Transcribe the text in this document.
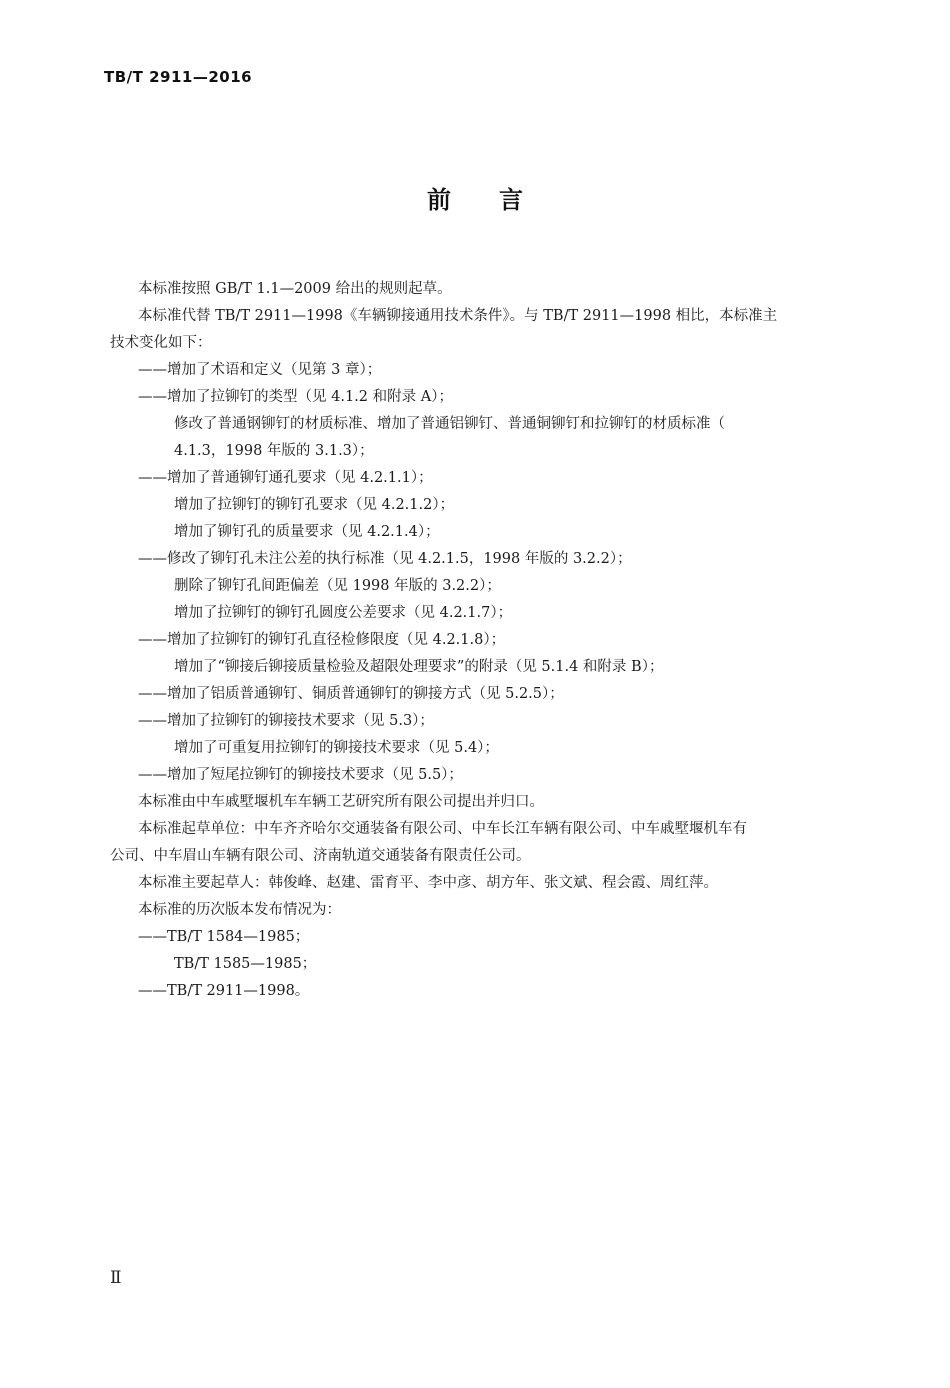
TB/T 2911—2016
前言
本标准按照 GB/T 1.1—2009 给出的规则起草。
本标准代替 TB/T 2911—1998《车辆铆接通用技术条件》。与 TB/T 2911—1998 相比，本标准主
技术变化如下：
——增加了术语和定义（见第 3 章）；
——增加了拉铆钉的类型（见 4.1.2 和附录 A）；
修改了普通钢铆钉的材质标准、增加了普通铝铆钉、普通铜铆钉和拉铆钉的材质标准（
4.1.3，1998 年版的 3.1.3）；
——增加了普通铆钉通孔要求（见 4.2.1.1）；
增加了拉铆钉的铆钉孔要求（见 4.2.1.2）；
增加了铆钉孔的质量要求（见 4.2.1.4）；
——修改了铆钉孔未注公差的执行标准（见 4.2.1.5，1998 年版的 3.2.2）；
删除了铆钉孔间距偏差（见 1998 年版的 3.2.2）；
增加了拉铆钉的铆钉孔圆度公差要求（见 4.2.1.7）；
——增加了拉铆钉的铆钉孔直径检修限度（见 4.2.1.8）；
增加了“铆接后铆接质量检验及超限处理要求”的附录（见 5.1.4 和附录 B）；
——增加了铝质普通铆钉、铜质普通铆钉的铆接方式（见 5.2.5）；
——增加了拉铆钉的铆接技术要求（见 5.3）；
增加了可重复用拉铆钉的铆接技术要求（见 5.4）；
——增加了短尾拉铆钉的铆接技术要求（见 5.5）；
本标准由中车戚墅堰机车车辆工艺研究所有限公司提出并归口。
本标准起草单位：中车齐齐哈尔交通装备有限公司、中车长江车辆有限公司、中车戚墅堰机车有
公司、中车眉山车辆有限公司、济南轨道交通装备有限责任公司。
本标准主要起草人：韩俊峰、赵建、雷育平、李中彦、胡方年、张文斌、程会霞、周红萍。
本标准的历次版本发布情况为：
——TB/T 1584—1985；
TB/T 1585—1985；
——TB/T 2911—1998。
Ⅱ
